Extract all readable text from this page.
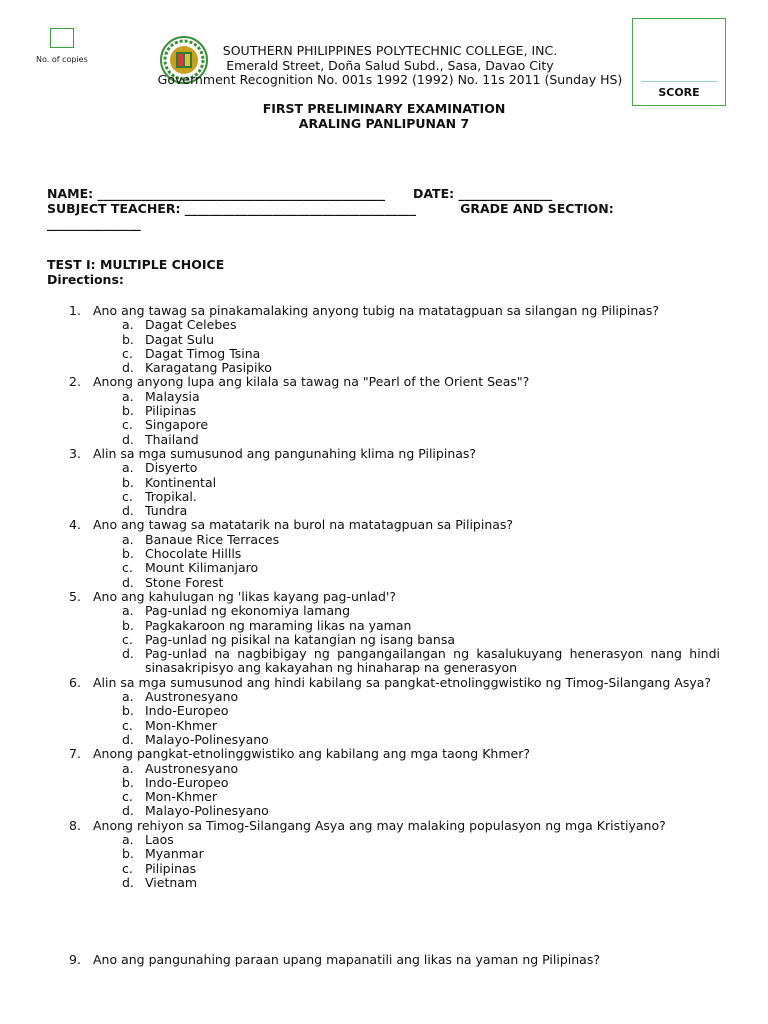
No. of copies
SOUTHERN PHILIPPINES POLYTECHNIC COLLEGE, INC.
Emerald Street, Doña Salud Subd., Sasa, Davao City
Government Recognition No. 001s 1992 (1992) No. 11s 2011 (Sunday HS)
SCORE
FIRST PRELIMINARY EXAMINATION
ARALING PANLIPUNAN 7
NAME: ______________________________________________ DATE: _______________
SUBJECT TEACHER: _____________________________________	GRADE AND SECTION:
_______________
TEST I: MULTIPLE CHOICE
Directions:
1. Ano ang tawag sa pinakamalaking anyong tubig na matatagpuan sa silangan ng Pilipinas?
a. Dagat Celebes
b. Dagat Sulu
c. Dagat Timog Tsina
d. Karagatang Pasipiko
2. Anong anyong lupa ang kilala sa tawag na "Pearl of the Orient Seas"?
a. Malaysia
b. Pilipinas
c. Singapore
d. Thailand
3. Alin sa mga sumusunod ang pangunahing klima ng Pilipinas?
a. Disyerto
b. Kontinental
c. Tropikal.
d. Tundra
4. Ano ang tawag sa matatarik na burol na matatagpuan sa Pilipinas?
a. Banaue Rice Terraces
b. Chocolate Hillls
c. Mount Kilimanjaro
d. Stone Forest
5. Ano ang kahulugan ng 'likas kayang pag-unlad'?
a. Pag-unlad ng ekonomiya lamang
b. Pagkakaroon ng maraming likas na yaman
c. Pag-unlad ng pisikal na katangian ng isang bansa
d. Pag-unlad na nagbibigay ng pangangailangan ng kasalukuyang henerasyon nang hindi sinasakripisyo ang kakayahan ng hinaharap na generasyon
6. Alin sa mga sumusunod ang hindi kabilang sa pangkat-etnolinggwistiko ng Timog-Silangang Asya?
a. Austronesyano
b. Indo-Europeo
c. Mon-Khmer
d. Malayo-Polinesyano
7. Anong pangkat-etnolinggwistiko ang kabilang ang mga taong Khmer?
a. Austronesyano
b. Indo-Europeo
c. Mon-Khmer
d. Malayo-Polinesyano
8. Anong rehiyon sa Timog-Silangang Asya ang may malaking populasyon ng mga Kristiyano?
a. Laos
b. Myanmar
c. Pilipinas
d. Vietnam
9. Ano ang pangunahing paraan upang mapanatili ang likas na yaman ng Pilipinas?
